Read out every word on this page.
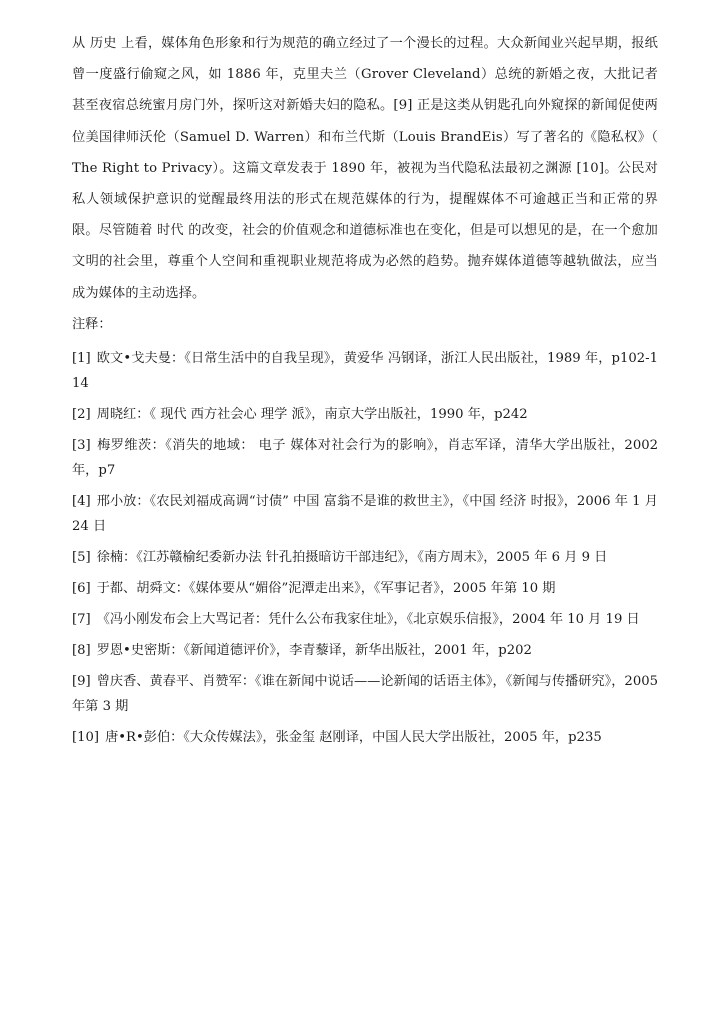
从 历史 上看，媒体角色形象和行为规范的确立经过了一个漫长的过程。大众新闻业兴起早期，报纸曾一度盛行偷窥之风，如 1886 年，克里夫兰（Grover Cleveland）总统的新婚之夜，大批记者甚至夜宿总统蜜月房门外，探听这对新婚夫妇的隐私。[9] 正是这类从钥匙孔向外窥探的新闻促使两位美国律师沃伦（Samuel D. Warren）和布兰代斯（Louis BrandEis）写了著名的《隐私权》（ The Right to Privacy）。这篇文章发表于 1890 年，被视为当代隐私法最初之渊源 [10]。公民对私人领域保护意识的觉醒最终用法的形式在规范媒体的行为，提醒媒体不可逾越正当和正常的界限。尽管随着 时代 的改变，社会的价值观念和道德标准也在变化，但是可以想见的是，在一个愈加文明的社会里，尊重个人空间和重视职业规范将成为必然的趋势。抛弃媒体道德等越轨做法，应当成为媒体的主动选择。

注释：

[1] 欧文•戈夫曼：《日常生活中的自我呈现》，黄爱华 冯钢译，浙江人民出版社，1989 年，p102-114

[2] 周晓红：《 现代 西方社会心 理学 派》，南京大学出版社，1990 年，p242

[3] 梅罗维茨：《消失的地域： 电子 媒体对社会行为的影响》，肖志军译，清华大学出版社，2002 年，p7

[4] 邢小放：《农民刘福成高调“讨债” 中国 富翁不是谁的救世主》，《中国 经济 时报》，2006 年 1 月 24 日

[5] 徐楠：《江苏赣榆纪委新办法 针孔拍摄暗访干部违纪》，《南方周末》，2005 年 6 月 9 日

[6] 于都、胡舜文：《媒体要从“媚俗”泥潭走出来》，《军事记者》，2005 年第 10 期

[7] 《冯小刚发布会上大骂记者：凭什么公布我家住址》，《北京娱乐信报》，2004 年 10 月 19 日

[8] 罗恩•史密斯：《新闻道德评价》，李青藜译，新华出版社，2001 年，p202

[9] 曾庆香、黄春平、肖赞军：《谁在新闻中说话——论新闻的话语主体》，《新闻与传播研究》，2005 年第 3 期

[10] 唐•R•彭伯：《大众传媒法》，张金玺 赵刚译，中国人民大学出版社，2005 年，p235
